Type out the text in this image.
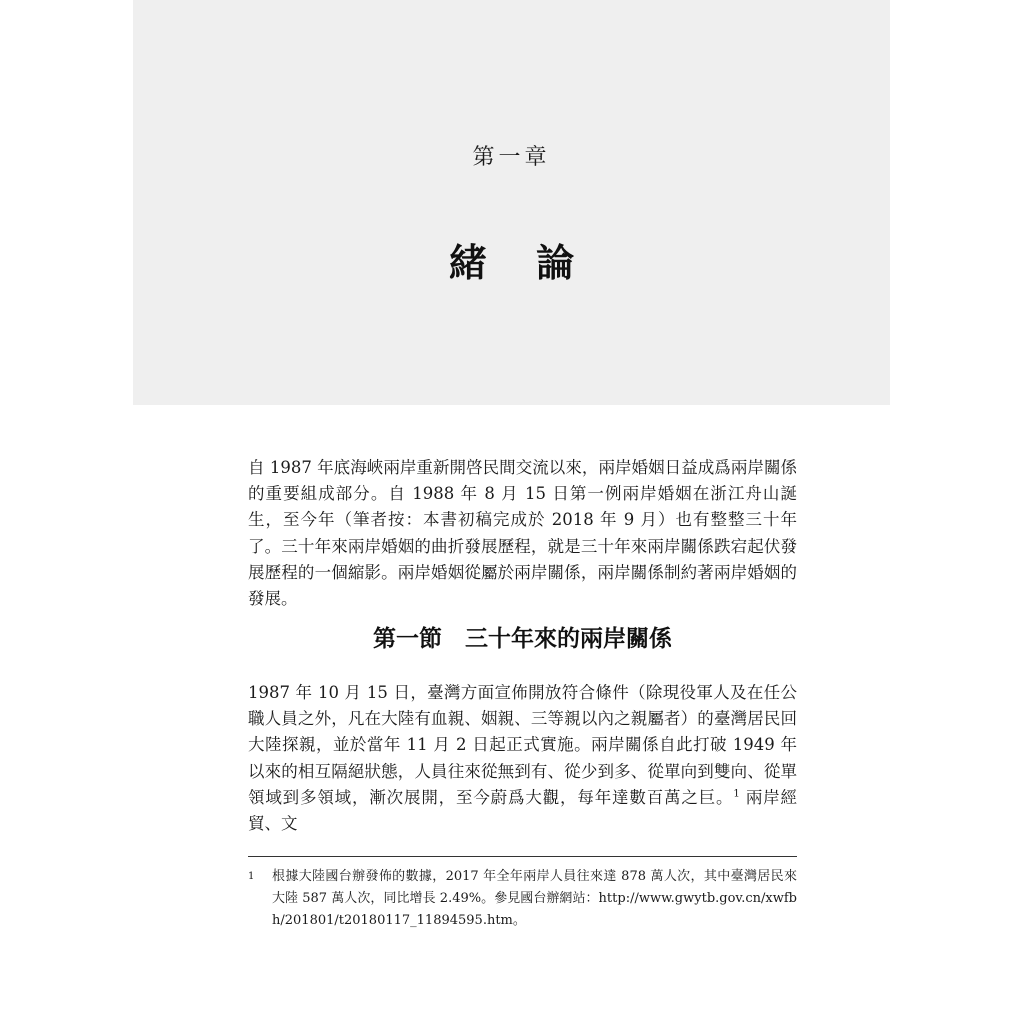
第一章
緒 論

自 1987 年底海峽兩岸重新開啓民間交流以來，兩岸婚姻日益成爲兩岸關係的重要組成部分。自 1988 年 8 月 15 日第一例兩岸婚姻在浙江舟山誕生，至今年（筆者按：本書初稿完成於 2018 年 9 月）也有整整三十年了。三十年來兩岸婚姻的曲折發展歷程，就是三十年來兩岸關係跌宕起伏發展歷程的一個縮影。兩岸婚姻從屬於兩岸關係，兩岸關係制約著兩岸婚姻的發展。

第一節　三十年來的兩岸關係

1987 年 10 月 15 日，臺灣方面宣佈開放符合條件（除現役軍人及在任公職人員之外，凡在大陸有血親、姻親、三等親以內之親屬者）的臺灣居民回大陸探親，並於當年 11 月 2 日起正式實施。兩岸關係自此打破 1949 年以來的相互隔絕狀態，人員往來從無到有、從少到多、從單向到雙向、從單領域到多領域，漸次展開，至今蔚爲大觀，每年達數百萬之巨。$^1$ 兩岸經貿、文

1 根據大陸國台辦發佈的數據，2017 年全年兩岸人員往來達 878 萬人次，其中臺灣居民來大陸 587 萬人次，同比增長 2.49%。參見國台辦網站：http://www.gwytb.gov.cn/xwfbh/201801/t20180117_11894595.htm。
